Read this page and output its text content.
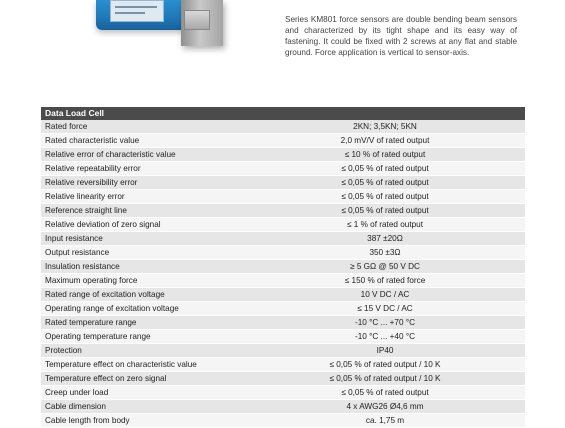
Series KM801 force sensors are double bending beam sensors and characterized by its tight shape and its easy way of fastening. It could be fixed with 2 screws at any flat and stable ground. Force application is vertical to sensor-axis.

Data Load Cell
Rated force	2KN; 3,5KN; 5KN
Rated characteristic value	2,0 mV/V of rated output
Relative error of characteristic value	≤ 10 % of rated output
Relative repeatability error	≤ 0,05 % of rated output
Relative reversibility error	≤ 0,05 % of rated output
Relative linearity error	≤ 0,05 % of rated output
Reference straight line	≤ 0,05 % of rated output
Relative deviation of zero signal	≤ 1 % of rated output
Input resistance	387 ±20Ω
Output resistance	350 ±3Ω
Insulation resistance	≥ 5 GΩ @ 50 V DC
Maximum operating force	≤ 150 % of rated force
Rated range of excitation voltage	10 V DC / AC
Operating range of excitation voltage	≤ 15 V DC / AC
Rated temperature range	-10 °C ... +70 °C
Operating temperature range	-10 °C ... +40 °C
Protection	IP40
Temperature effect on characteristic value	≤ 0,05 % of rated output / 10 K
Temperature effect on zero signal	≤ 0,05 % of rated output / 10 K
Creep under load	≤ 0,05 % of rated output
Cable dimension	4 x AWG26 Ø4,6 mm
Cable length from body	ca. 1,75 m
